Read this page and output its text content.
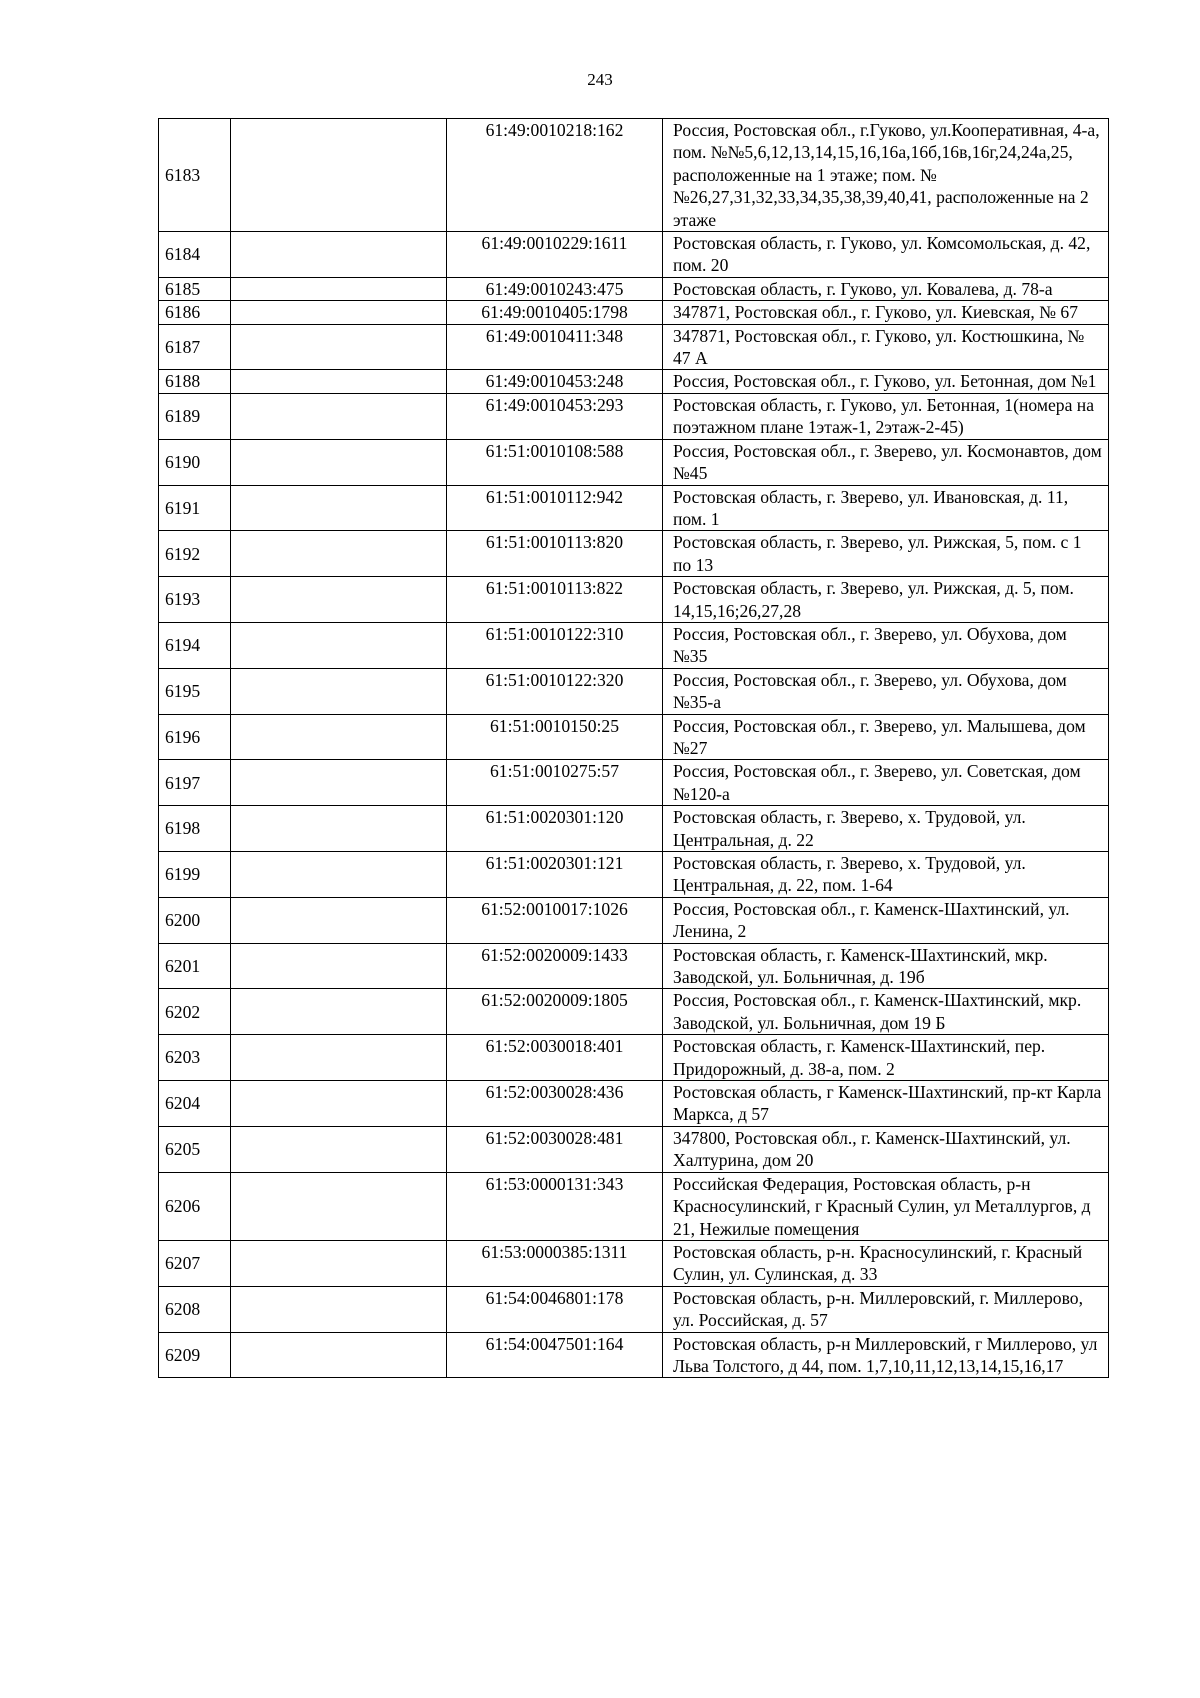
243
6183		61:49:0010218:162	Россия, Ростовская обл., г.Гуково, ул.Кооперативная, 4-а, пом. №№5,6,12,13,14,15,16,16а,16б,16в,16г,24,24а,25, расположенные на 1 этаже; пом. №№26,27,31,32,33,34,35,38,39,40,41, расположенные на 2 этаже
6184		61:49:0010229:1611	Ростовская область, г. Гуково, ул. Комсомольская, д. 42, пом. 20
6185		61:49:0010243:475	Ростовская область, г. Гуково, ул. Ковалева, д. 78-а
6186		61:49:0010405:1798	347871, Ростовская обл., г. Гуково, ул. Киевская, № 67
6187		61:49:0010411:348	347871, Ростовская обл., г. Гуково, ул. Костюшкина, № 47 А
6188		61:49:0010453:248	Россия, Ростовская обл., г. Гуково, ул. Бетонная, дом №1
6189		61:49:0010453:293	Ростовская область, г. Гуково, ул. Бетонная, 1(номера на поэтажном плане 1этаж-1, 2этаж-2-45)
6190		61:51:0010108:588	Россия, Ростовская обл., г. Зверево, ул. Космонавтов, дом №45
6191		61:51:0010112:942	Ростовская область, г. Зверево, ул. Ивановская, д. 11, пом. 1
6192		61:51:0010113:820	Ростовская область, г. Зверево, ул. Рижская, 5, пом. с 1 по 13
6193		61:51:0010113:822	Ростовская область, г. Зверево, ул. Рижская, д. 5, пом. 14,15,16;26,27,28
6194		61:51:0010122:310	Россия, Ростовская обл., г. Зверево, ул. Обухова, дом №35
6195		61:51:0010122:320	Россия, Ростовская обл., г. Зверево, ул. Обухова, дом №35-а
6196		61:51:0010150:25	Россия, Ростовская обл., г. Зверево, ул. Малышева, дом №27
6197		61:51:0010275:57	Россия, Ростовская обл., г. Зверево, ул. Советская, дом №120-а
6198		61:51:0020301:120	Ростовская область, г. Зверево, х. Трудовой, ул. Центральная, д. 22
6199		61:51:0020301:121	Ростовская область, г. Зверево, х. Трудовой, ул. Центральная, д. 22, пом. 1-64
6200		61:52:0010017:1026	Россия, Ростовская обл., г. Каменск-Шахтинский, ул. Ленина, 2
6201		61:52:0020009:1433	Ростовская область, г. Каменск-Шахтинский, мкр. Заводской, ул. Больничная, д. 19б
6202		61:52:0020009:1805	Россия, Ростовская обл., г. Каменск-Шахтинский, мкр. Заводской, ул. Больничная, дом 19 Б
6203		61:52:0030018:401	Ростовская область, г. Каменск-Шахтинский, пер. Придорожный, д. 38-а, пом. 2
6204		61:52:0030028:436	Ростовская область, г Каменск-Шахтинский, пр-кт Карла Маркса, д 57
6205		61:52:0030028:481	347800, Ростовская обл., г. Каменск-Шахтинский, ул. Халтурина, дом 20
6206		61:53:0000131:343	Российская Федерация, Ростовская область, р-н Красносулинский, г Красный Сулин, ул Металлургов, д 21, Нежилые помещения
6207		61:53:0000385:1311	Ростовская область, р-н. Красносулинский, г. Красный Сулин, ул. Сулинская, д. 33
6208		61:54:0046801:178	Ростовская область, р-н. Миллеровский, г. Миллерово, ул. Российская, д. 57
6209		61:54:0047501:164	Ростовская область, р-н Миллеровский, г Миллерово, ул Льва Толстого, д 44, пом. 1,7,10,11,12,13,14,15,16,17
